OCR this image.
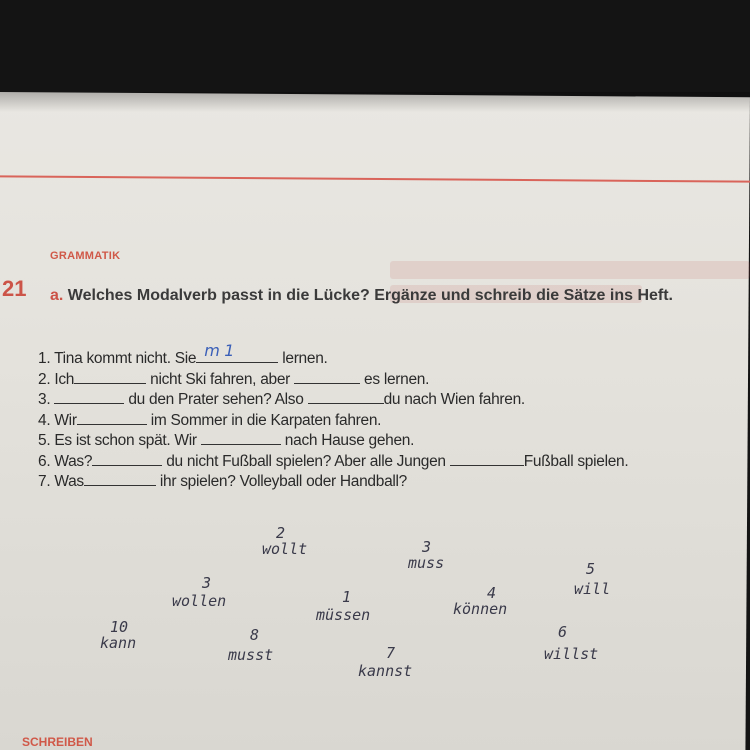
GRAMMATIK
21 a. Welches Modalverb passt in die Lücke? Ergänze und schreib die Sätze ins Heft.
1. Tina kommt nicht. Sie m 1	lernen.
2. Ich	nicht Ski fahren, aber	es lernen.
3.	du den Prater sehen? Also	du nach Wien fahren.
4. Wir	im Sommer in die Karpaten fahren.
5. Es ist schon spät. Wir	nach Hause gehen.
6. Was?	du nicht Fußball spielen? Aber alle Jungen	Fußball spielen.
7. Was	ihr spielen? Volleyball oder Handball?
2
wollt	3
muss
3
wollen
5
will
1
müssen
4
können
10
kann	8
musst
6
willst
7
kannst
SCHREIBEN
